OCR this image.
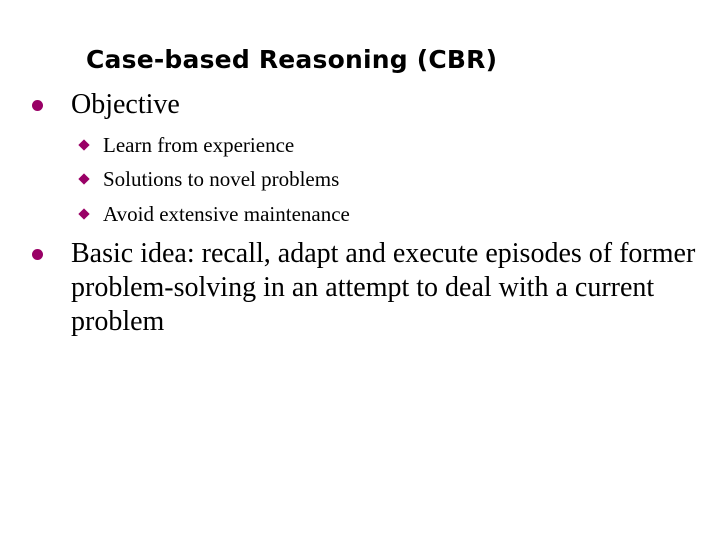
Case-based Reasoning (CBR)
Objective
Learn from experience
Solutions to novel problems
Avoid extensive maintenance
Basic idea: recall, adapt and execute episodes of former problem-solving in an attempt to deal with a current problem
